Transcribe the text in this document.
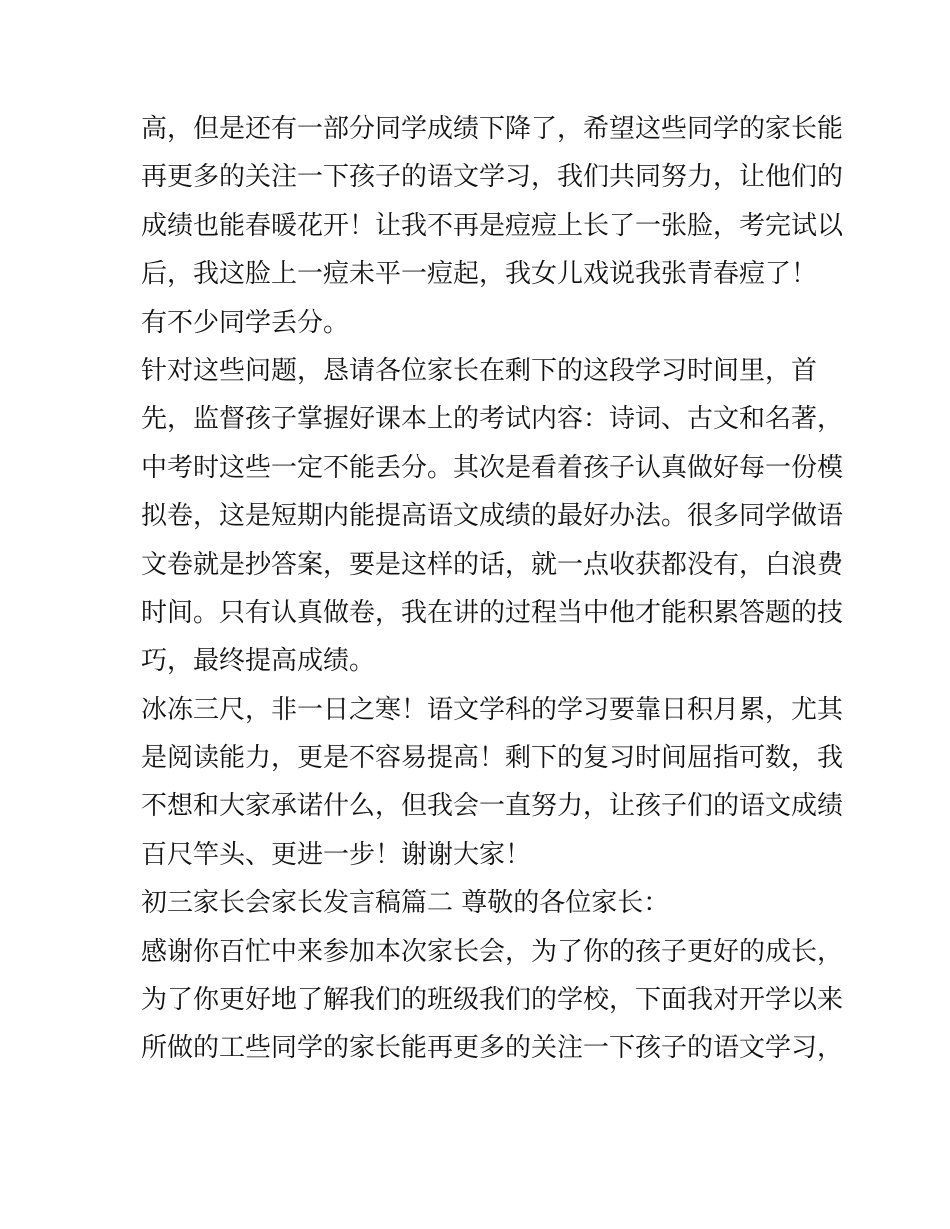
高，但是还有一部分同学成绩下降了，希望这些同学的家长能

再更多的关注一下孩子的语文学习，我们共同努力，让他们的

成绩也能春暖花开！让我不再是痘痘上长了一张脸，考完试以

后，我这脸上一痘未平一痘起，我女儿戏说我张青春痘了！

有不少同学丢分。

针对这些问题，恳请各位家长在剩下的这段学习时间里，首

先，监督孩子掌握好课本上的考试内容：诗词、古文和名著，

中考时这些一定不能丢分。其次是看着孩子认真做好每一份模

拟卷，这是短期内能提高语文成绩的最好办法。很多同学做语

文卷就是抄答案，要是这样的话，就一点收获都没有，白浪费

时间。只有认真做卷，我在讲的过程当中他才能积累答题的技

巧，最终提高成绩。

冰冻三尺，非一日之寒！语文学科的学习要靠日积月累，尤其

是阅读能力，更是不容易提高！剩下的复习时间屈指可数，我

不想和大家承诺什么，但我会一直努力，让孩子们的语文成绩

百尺竿头、更进一步！谢谢大家！

初三家长会家长发言稿篇二 尊敬的各位家长：

感谢你百忙中来参加本次家长会，为了你的孩子更好的成长，

为了你更好地了解我们的班级我们的学校，下面我对开学以来

所做的工些同学的家长能再更多的关注一下孩子的语文学习，
